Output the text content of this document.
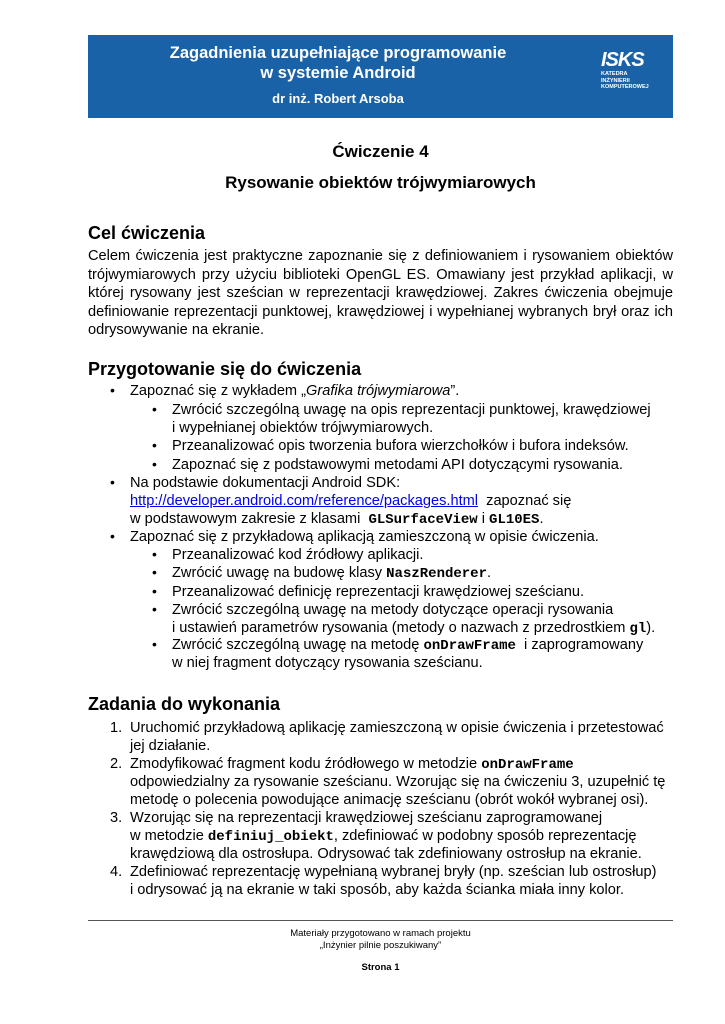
Zagadnienia uzupełniające programowanie
w systemie Android
dr inż. Robert Arsoba
ISKS
KATEDRA
INŻYNIERII
KOMPUTEROWEJ
Ćwiczenie 4
Rysowanie obiektów trójwymiarowych
Cel ćwiczenia
Celem ćwiczenia jest praktyczne zapoznanie się z definiowaniem i rysowaniem obiektów trójwymiarowych przy użyciu biblioteki OpenGL ES. Omawiany jest przykład aplikacji, w której rysowany jest sześcian w reprezentacji krawędziowej. Zakres ćwiczenia obejmuje definiowanie reprezentacji punktowej, krawędziowej i wypełnianej wybranych brył oraz ich odrysowywanie na ekranie.
Przygotowanie się do ćwiczenia
• Zapoznać się z wykładem „Grafika trójwymiarowa”.
• Zwrócić szczególną uwagę na opis reprezentacji punktowej, krawędziowej
i wypełnianej obiektów trójwymiarowych.
• Przeanalizować opis tworzenia bufora wierzchołków i bufora indeksów.
• Zapoznać się z podstawowymi metodami API dotyczącymi rysowania.
• Na podstawie dokumentacji Android SDK:
http://developer.android.com/reference/packages.html zapoznać się
w podstawowym zakresie z klasami GLSurfaceView i GL10ES.
• Zapoznać się z przykładową aplikacją zamieszczoną w opisie ćwiczenia.
• Przeanalizować kod źródłowy aplikacji.
• Zwrócić uwagę na budowę klasy NaszRenderer.
• Przeanalizować definicję reprezentacji krawędziowej sześcianu.
• Zwrócić szczególną uwagę na metody dotyczące operacji rysowania
i ustawień parametrów rysowania (metody o nazwach z przedrostkiem gl).
• Zwrócić szczególną uwagę na metodę onDrawFrame i zaprogramowany
w niej fragment dotyczący rysowania sześcianu.
Zadania do wykonania
1. Uruchomić przykładową aplikację zamieszczoną w opisie ćwiczenia i przetestować
jej działanie.
2. Zmodyfikować fragment kodu źródłowego w metodzie onDrawFrame
odpowiedzialny za rysowanie sześcianu. Wzorując się na ćwiczeniu 3, uzupełnić tę
metodę o polecenia powodujące animację sześcianu (obrót wokół wybranej osi).
3. Wzorując się na reprezentacji krawędziowej sześcianu zaprogramowanej
w metodzie definiuj_obiekt, zdefiniować w podobny sposób reprezentację
krawędziową dla ostrosłupa. Odrysować tak zdefiniowany ostrosłup na ekranie.
4. Zdefiniować reprezentację wypełnianą wybranej bryły (np. sześcian lub ostrosłup)
i odrysować ją na ekranie w taki sposób, aby każda ścianka miała inny kolor.
Materiały przygotowano w ramach projektu
„Inżynier pilnie poszukiwany”
Strona 1
